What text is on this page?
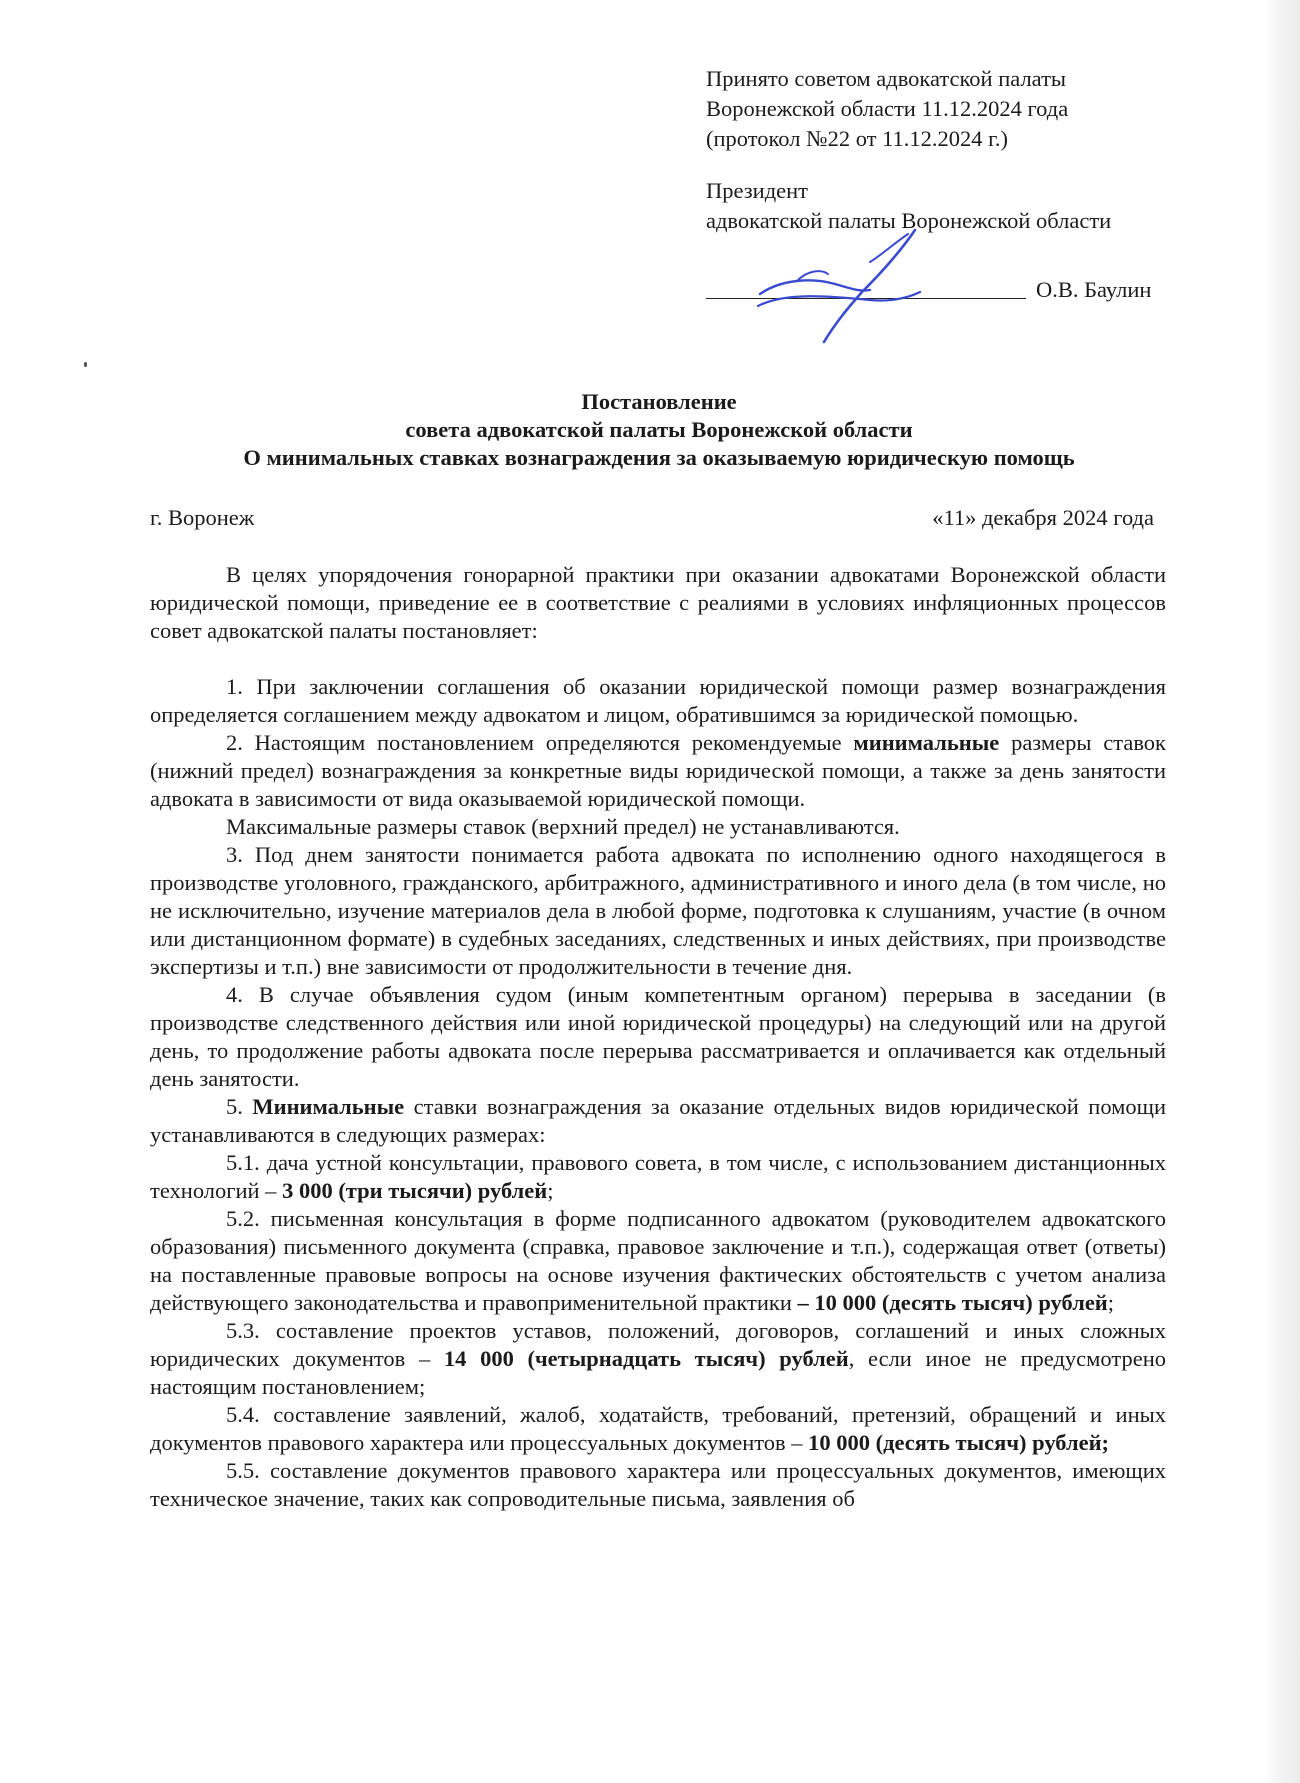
Принято советом адвокатской палаты
Воронежской области 11.12.2024 года
(протокол №22 от 11.12.2024 г.)
Президент
адвокатской палаты Воронежской области
О.В. Баулин
Постановление
совета адвокатской палаты Воронежской области
О минимальных ставках вознаграждения за оказываемую юридическую помощь
г. Воронеж	«11» декабря 2024 года

В целях упорядочения гонорарной практики при оказании адвокатами Воронежской области юридической помощи, приведение ее в соответствие с реалиями в условиях инфляционных процессов совет адвокатской палаты постановляет:

1. При заключении соглашения об оказании юридической помощи размер вознаграждения определяется соглашением между адвокатом и лицом, обратившимся за юридической помощью.

2. Настоящим постановлением определяются рекомендуемые минимальные размеры ставок (нижний предел) вознаграждения за конкретные виды юридической помощи, а также за день занятости адвоката в зависимости от вида оказываемой юридической помощи.

Максимальные размеры ставок (верхний предел) не устанавливаются.

3. Под днем занятости понимается работа адвоката по исполнению одного находящегося в производстве уголовного, гражданского, арбитражного, административного и иного дела (в том числе, но не исключительно, изучение материалов дела в любой форме, подготовка к слушаниям, участие (в очном или дистанционном формате) в судебных заседаниях, следственных и иных действиях, при производстве экспертизы и т.п.) вне зависимости от продолжительности в течение дня.

4. В случае объявления судом (иным компетентным органом) перерыва в заседании (в производстве следственного действия или иной юридической процедуры) на следующий или на другой день, то продолжение работы адвоката после перерыва рассматривается и оплачивается как отдельный день занятости.

5. Минимальные ставки вознаграждения за оказание отдельных видов юридической помощи устанавливаются в следующих размерах:

5.1. дача устной консультации, правового совета, в том числе, с использованием дистанционных технологий – 3 000 (три тысячи) рублей;

5.2. письменная консультация в форме подписанного адвокатом (руководителем адвокатского образования) письменного документа (справка, правовое заключение и т.п.), содержащая ответ (ответы) на поставленные правовые вопросы на основе изучения фактических обстоятельств с учетом анализа действующего законодательства и правоприменительной практики – 10 000 (десять тысяч) рублей;

5.3. составление проектов уставов, положений, договоров, соглашений и иных сложных юридических документов – 14 000 (четырнадцать тысяч) рублей, если иное не предусмотрено настоящим постановлением;

5.4. составление заявлений, жалоб, ходатайств, требований, претензий, обращений и иных документов правового характера или процессуальных документов – 10 000 (десять тысяч) рублей;

5.5. составление документов правового характера или процессуальных документов, имеющих техническое значение, таких как сопроводительные письма, заявления об
